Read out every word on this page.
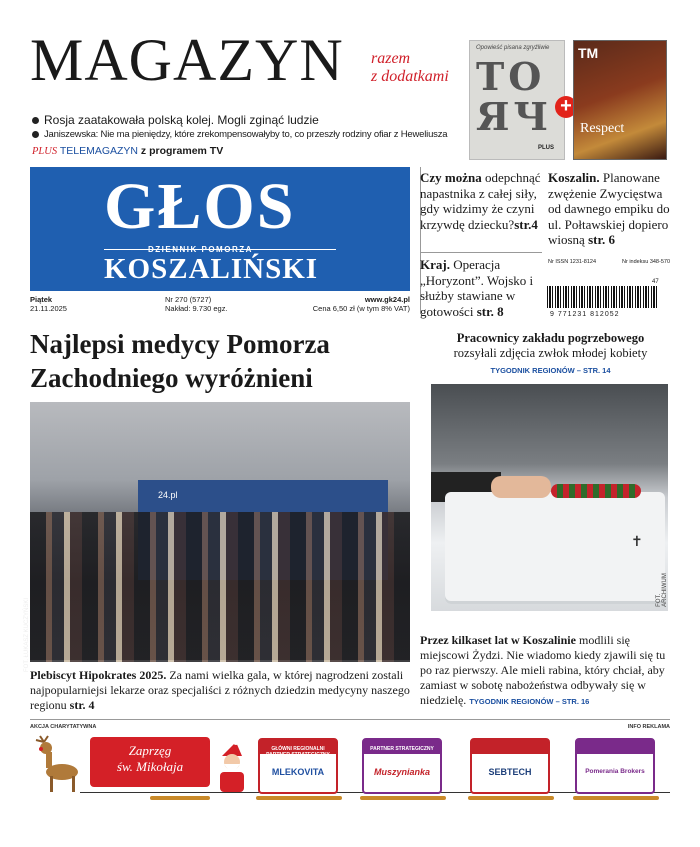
MAGAZYN razem
z dodatkami
Rosja zaatakowała polską kolej. Mogli zginąć ludzie
Janiszewska: Nie ma pieniędzy, które zrekompensowałyby to, co przeszły rodziny ofiar z Heweliusza
PLUS TELEMAGAZYN z programem TV
Opowieść pisana zgryźliwie
ТО
ЯЧ
PLUS
+
TM
Respect
GŁOS
DZIENNIK POMORZA
KOSZALIŃSKI
Piątek
21.11.2025
Nr 270 (5727)
Nakład: 9.730 egz.
www.gk24.pl
Cena 6,50 zł (w tym 8% VAT)
Czy można odepchnąć napastnika z całej siły, gdy widzimy że czyni krzywdę dziecku?str.4
Kraj. Operacja „Horyzont”. Wojsko i służby stawiane w gotowości str. 8
Koszalin. Planowane zwężenie Zwycięstwa od dawnego empiku do ul. Połtawskiej dopiero wiosną str. 6
Nr ISSN 1231-8124	Nr indeksu 348-570
47
9 771231 812052
Najlepsi medycy Pomorza Zachodniego wyróżnieni
24.pl
FOT. ŁUKASZ KUCZYŃSKI
Plebiscyt Hipokrates 2025. Za nami wielka gala, w której nagrodzeni zostali najpopularniejsi lekarze oraz specjaliści z różnych dziedzin medycyny naszego regionu str. 4
Pracownicy zakładu pogrzebowego
rozsyłali zdjęcia zwłok młodej kobiety
TYGODNIK REGIONÓW – STR. 14
✝
FOT. ARCHIWUM
Przez kilkaset lat w Koszalinie modlili się miejscowi Żydzi. Nie wiadomo kiedy zjawili się tu po raz pierwszy. Ale mieli rabina, który chciał, aby zamiast w sobotę nabożeństwa odbywały się w niedzielę. TYGODNIK REGIONÓW – STR. 16
AKCJA CHARYTATYWNA	INFO REKLAMA
Zaprzęg
św. Mikołaja
GŁÓWNI REGIONALNI PARTNER STRATEGICZNY
MLEKOVITA
PARTNER STRATEGICZNY
Muszynianka	SEBTECH	Pomerania Brokers
